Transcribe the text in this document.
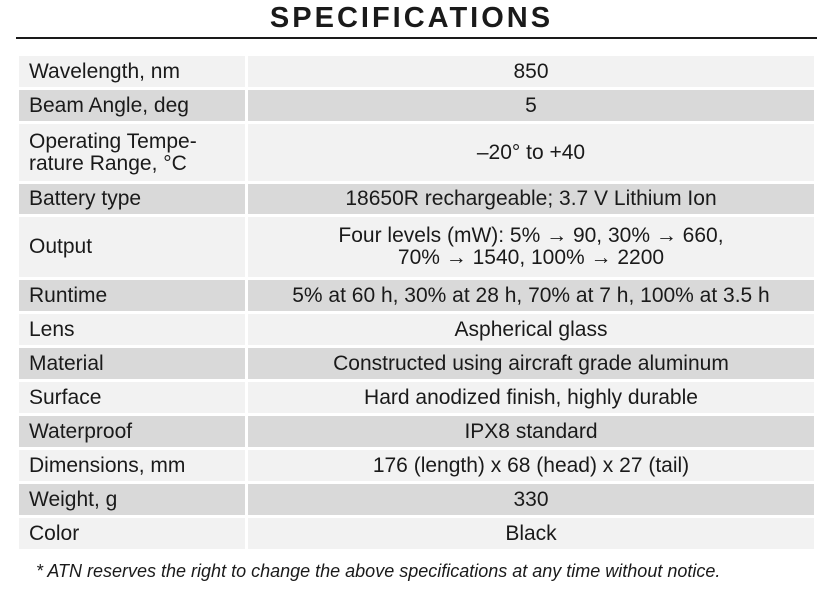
SPECIFICATIONS
Wavelength, nm	850
Beam Angle, deg	5

Operating Tempe-
rature Range, °C	–20° to +40
Battery type	18650R rechargeable; 3.7 V Lithium Ion
Output	Four levels (mW): 5% → 90, 30% → 660,
70% → 1540, 100% → 2200

Runtime	5% at 60 h, 30% at 28 h, 70% at 7 h, 100% at 3.5 h
Lens	Aspherical glass
Material	Constructed using aircraft grade aluminum
Surface	Hard anodized finish, highly durable
Waterproof	IPX8 standard
Dimensions, mm	176 (length) x 68 (head) x 27 (tail)
Weight, g	330
Color	Black
* ATN reserves the right to change the above specifications at any time without notice.
